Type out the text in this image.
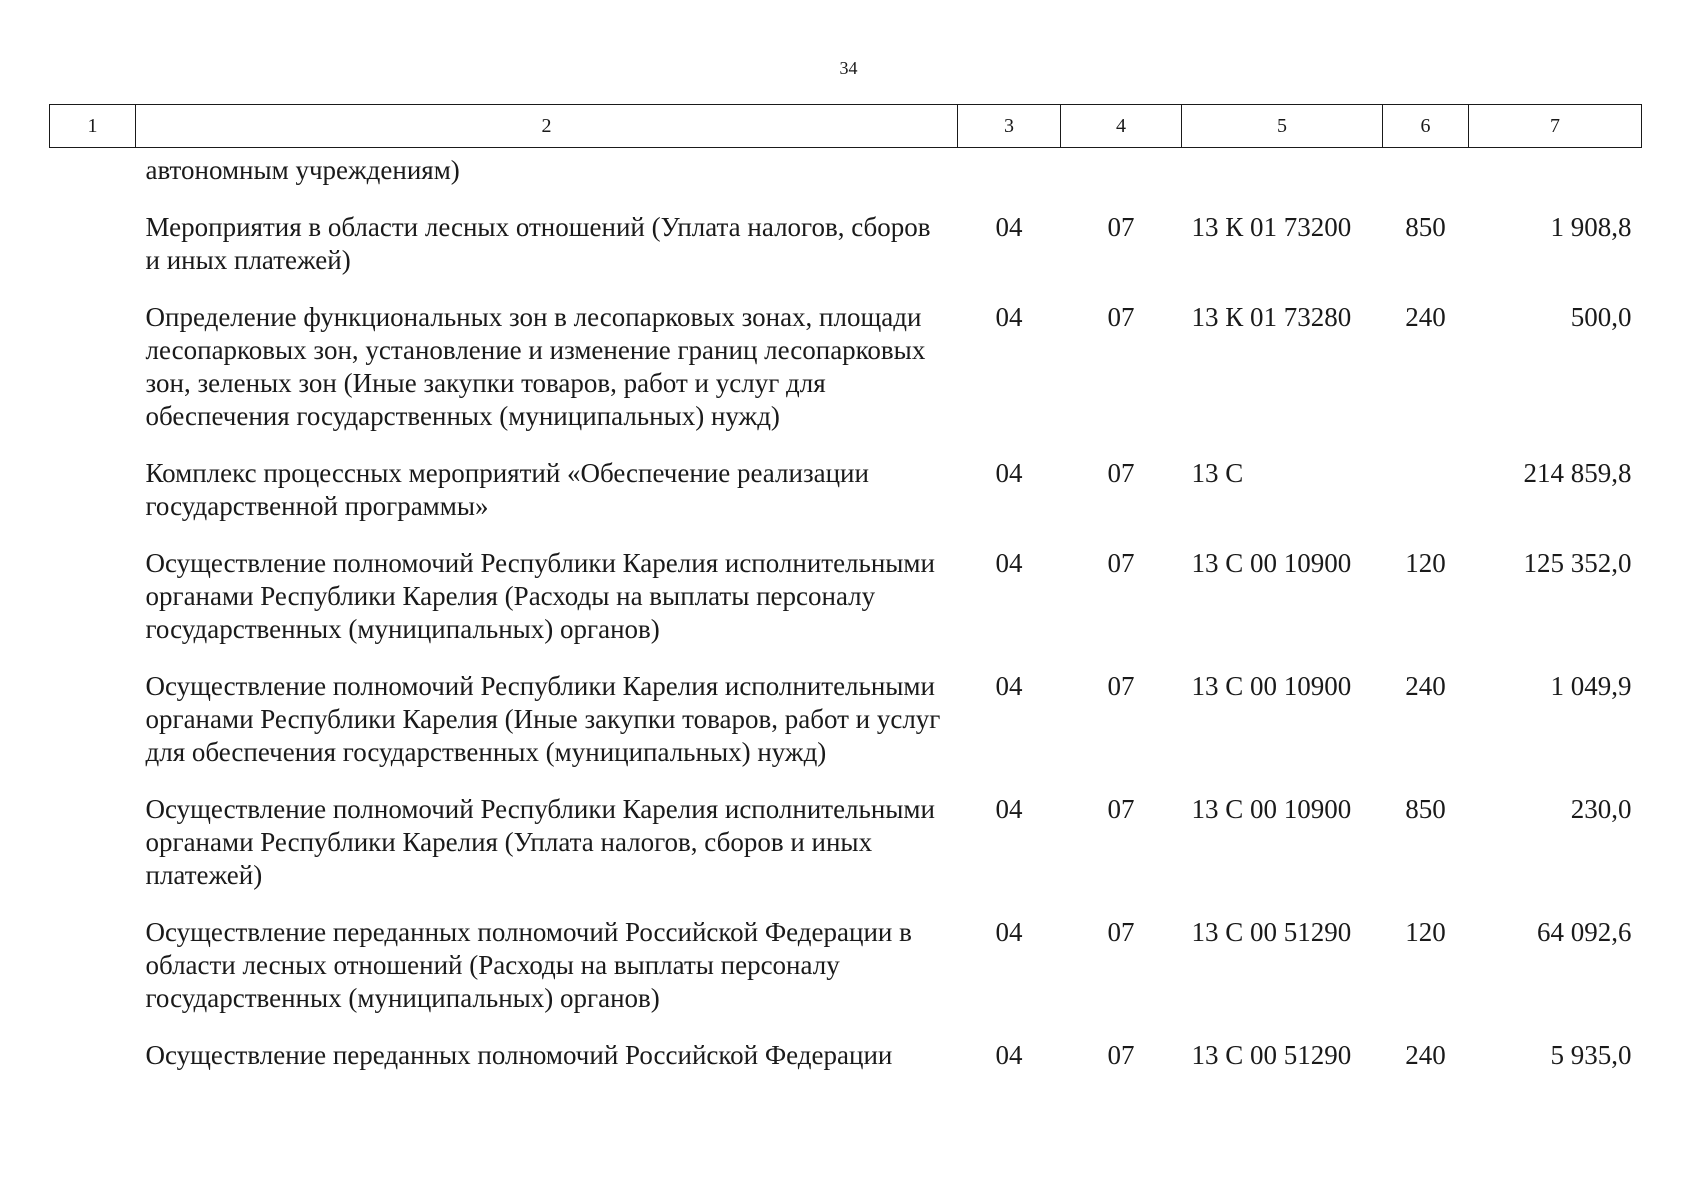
34
1	2	3	4	5	6	7
	автономным учреждениям)					
	Мероприятия в области лесных отношений (Уплата налогов, сборов и иных платежей)	04	07	13 К 01 73200	850	1 908,8
	Определение функциональных зон в лесопарковых зонах, площади лесопарковых зон, установление и изменение границ лесопарковых зон, зеленых зон (Иные закупки товаров, работ и услуг для обеспечения государственных (муниципальных) нужд)	04	07	13 К 01 73280	240	500,0
	Комплекс процессных мероприятий «Обеспечение реализации государственной программы»	04	07	13 С		214 859,8
	Осуществление полномочий Республики Карелия исполнительными органами Республики Карелия (Расходы на выплаты персоналу государственных (муниципальных) органов)	04	07	13 С 00 10900	120	125 352,0
	Осуществление полномочий Республики Карелия исполнительными органами Республики Карелия (Иные закупки товаров, работ и услуг для обеспечения государственных (муниципальных) нужд)	04	07	13 С 00 10900	240	1 049,9
	Осуществление полномочий Республики Карелия исполнительными органами Республики Карелия (Уплата налогов, сборов и иных платежей)	04	07	13 С 00 10900	850	230,0
	Осуществление переданных полномочий Российской Федерации в области лесных отношений (Расходы на выплаты персоналу государственных (муниципальных) органов)	04	07	13 С 00 51290	120	64 092,6
	Осуществление переданных полномочий Российской Федерации	04	07	13 С 00 51290	240	5 935,0
